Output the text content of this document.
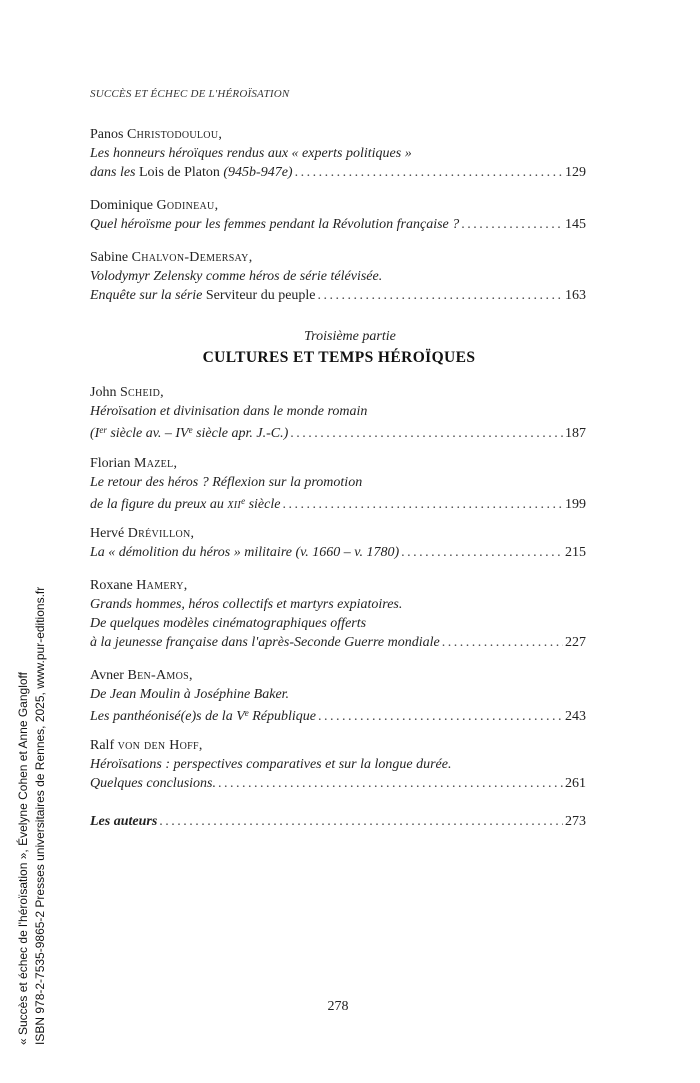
SUCCÈS ET ÉCHEC DE L'HÉROÏSATION
Panos Christodoulou,
Les honneurs héroïques rendus aux « experts politiques »
dans les Lois de Platon (945b-947e) . . .	129
Dominique Godineau,
Quel héroïsme pour les femmes pendant la Révolution française ? . . .	145
Sabine Chalvon-Demersay,
Volodymyr Zelensky comme héros de série télévisée.
Enquête sur la série Serviteur du peuple . . .	163
Troisième partie
CULTURES ET TEMPS HÉROÏQUES
John Scheid,
Héroïsation et divinisation dans le monde romain
(Ier siècle av. – IVe siècle apr. J.-C.) . . .	187
Florian Mazel,
Le retour des héros ? Réflexion sur la promotion
de la figure du preux au xii$^e$ siècle . . .	199
Hervé Drévillon,
La « démolition du héros » militaire (v. 1660 – v. 1780) . . .	215
Roxane Hamery,
Grands hommes, héros collectifs et martyrs expiatoires.
De quelques modèles cinématographiques offerts
à la jeunesse française dans l'après-Seconde Guerre mondiale . . .	227
Avner Ben-Amos,
De Jean Moulin à Joséphine Baker.
Les panthéonisé(e)s de la Ve République . . .	243
Ralf von den Hoff,
Héroïsations : perspectives comparatives et sur la longue durée.
Quelques conclusions. . . .	261
Les auteurs . . .	273
278
« Succès et échec de l'héroïsation », Évelyne Cohen et Anne Gangloff ISBN 978-2-7535-9865-2 Presses universitaires de Rennes, 2025, www.pur-editions.fr
